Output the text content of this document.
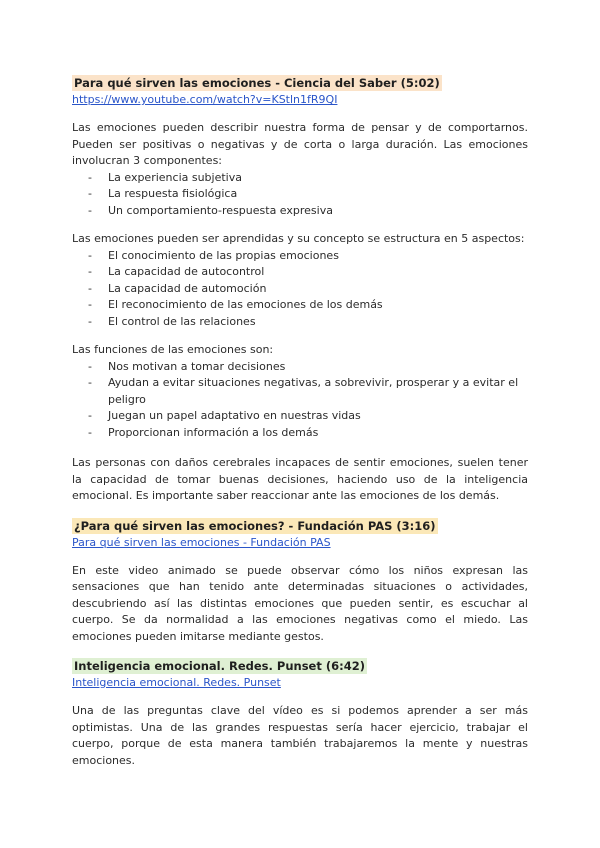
Para qué sirven las emociones - Ciencia del Saber (5:02)
https://www.youtube.com/watch?v=KStln1fR9QI

Las emociones pueden describir nuestra forma de pensar y de comportarnos. Pueden ser positivas o negativas y de corta o larga duración. Las emociones involucran 3 componentes:

- La experiencia subjetiva
- La respuesta fisiológica
- Un comportamiento-respuesta expresiva

Las emociones pueden ser aprendidas y su concepto se estructura en 5 aspectos:

- El conocimiento de las propias emociones
- La capacidad de autocontrol
- La capacidad de automoción
- El reconocimiento de las emociones de los demás
- El control de las relaciones

Las funciones de las emociones son:

- Nos motivan a tomar decisiones
- Ayudan a evitar situaciones negativas, a sobrevivir, prosperar y a evitar el peligro
- Juegan un papel adaptativo en nuestras vidas
- Proporcionan información a los demás

Las personas con daños cerebrales incapaces de sentir emociones, suelen tener la capacidad de tomar buenas decisiones, haciendo uso de la inteligencia emocional. Es importante saber reaccionar ante las emociones de los demás.

¿Para qué sirven las emociones? - Fundación PAS (3:16)
Para qué sirven las emociones - Fundación PAS

En este video animado se puede observar cómo los niños expresan las sensaciones que han tenido ante determinadas situaciones o actividades, descubriendo así las distintas emociones que pueden sentir, es escuchar al cuerpo. Se da normalidad a las emociones negativas como el miedo. Las emociones pueden imitarse mediante gestos.

Inteligencia emocional. Redes. Punset (6:42)
Inteligencia emocional. Redes. Punset

Una de las preguntas clave del vídeo es si podemos aprender a ser más optimistas. Una de las grandes respuestas sería hacer ejercicio, trabajar el cuerpo, porque de esta manera también trabajaremos la mente y nuestras emociones.
